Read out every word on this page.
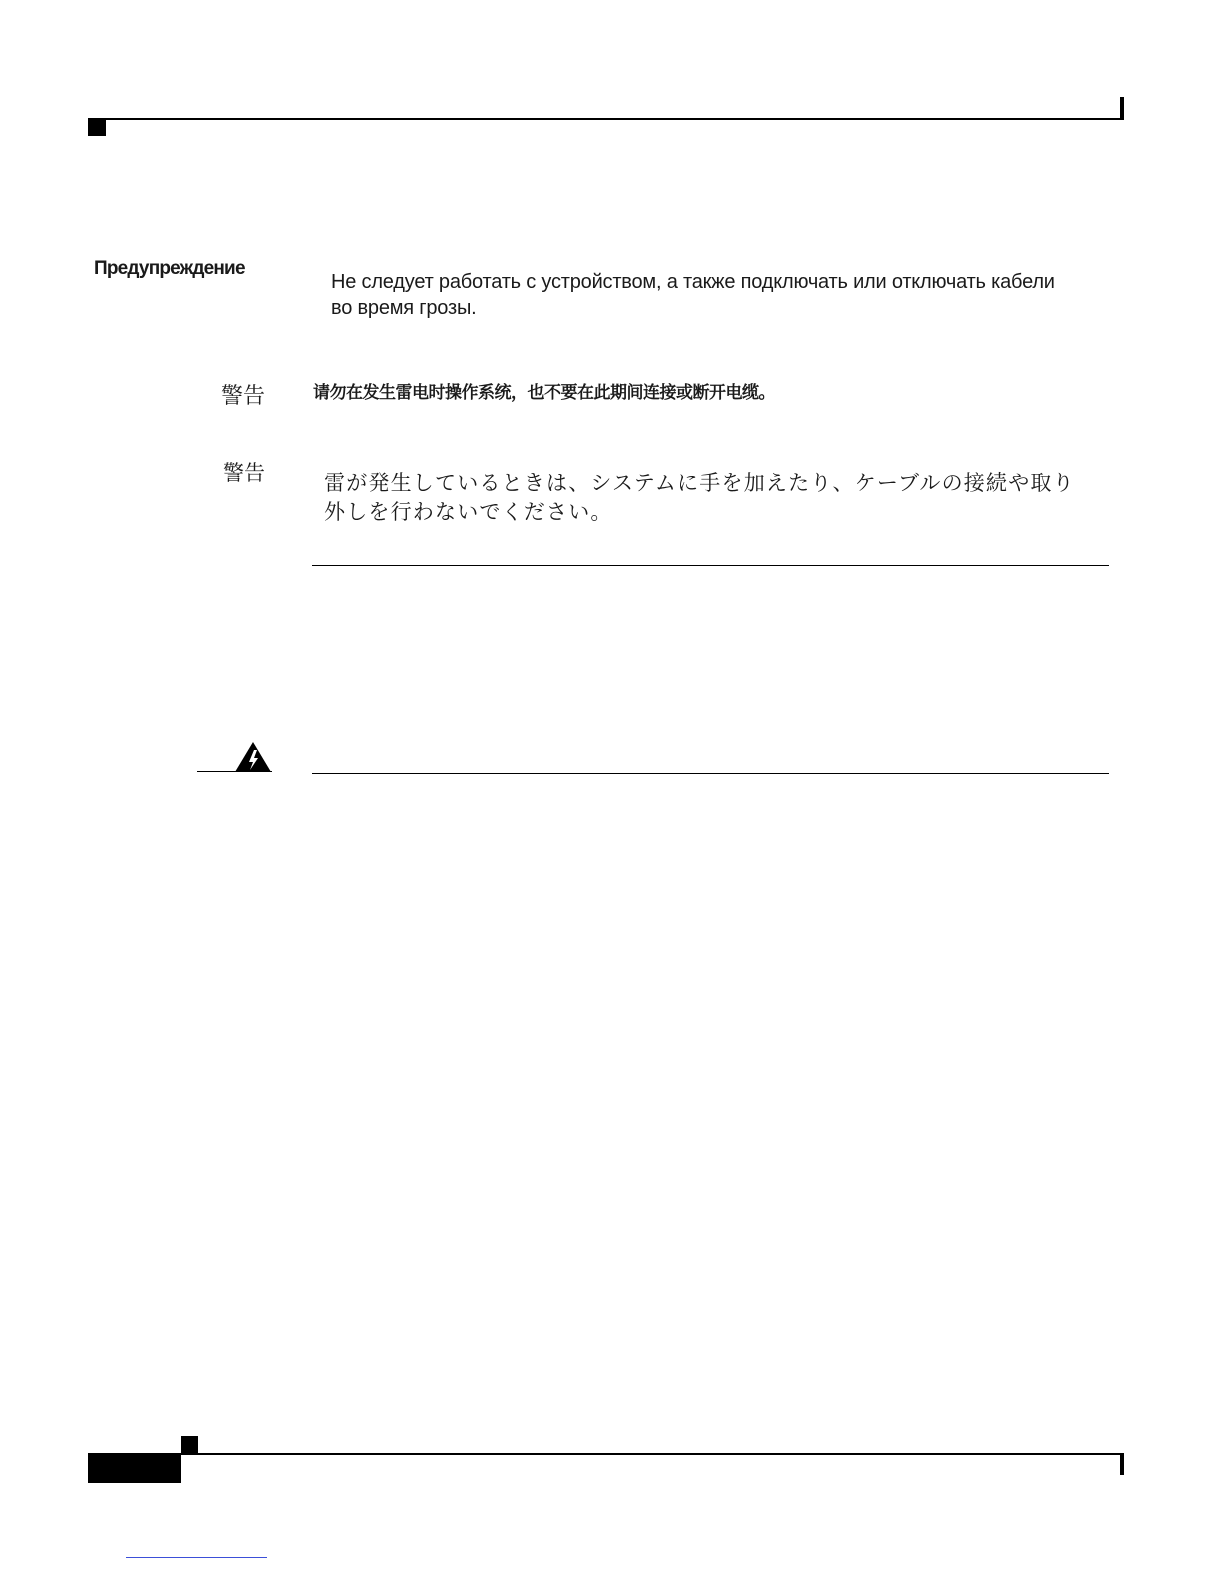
Предупреждение
Не следует работать с устройством, а также подключать или отключать кабели
во время грозы.
警告	请勿在发生雷电时操作系统，也不要在此期间连接或断开电缆。
警告	雷が発生しているときは、システムに手を加えたり、ケーブルの接続や取り
外しを行わないでください。
